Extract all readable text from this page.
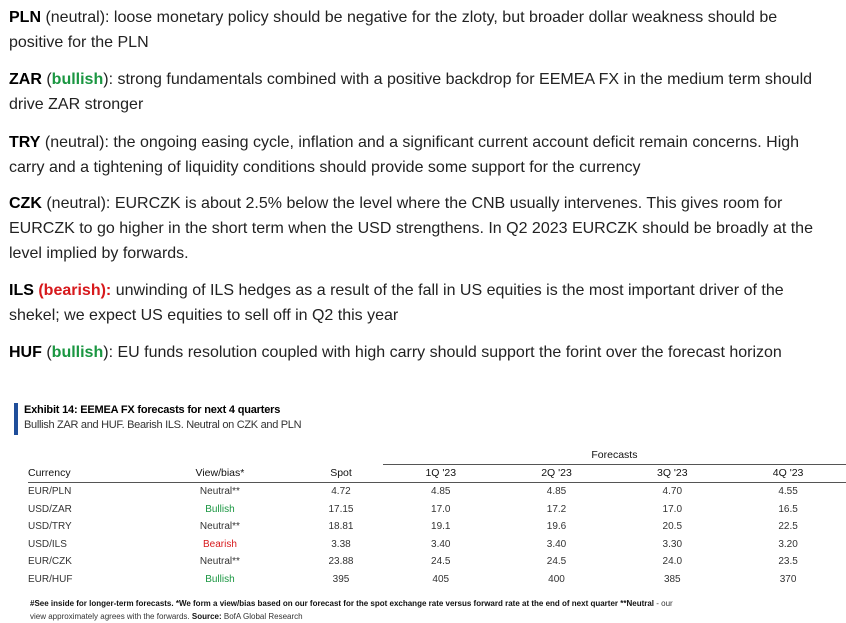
PLN (neutral): loose monetary policy should be negative for the zloty, but broader dollar weakness should be positive for the PLN
ZAR (bullish): strong fundamentals combined with a positive backdrop for EEMEA FX in the medium term should drive ZAR stronger
TRY (neutral): the ongoing easing cycle, inflation and a significant current account deficit remain concerns. High carry and a tightening of liquidity conditions should provide some support for the currency
CZK (neutral): EURCZK is about 2.5% below the level where the CNB usually intervenes. This gives room for EURCZK to go higher in the short term when the USD strengthens. In Q2 2023 EURCZK should be broadly at the level implied by forwards.
ILS (bearish): unwinding of ILS hedges as a result of the fall in US equities is the most important driver of the shekel; we expect US equities to sell off in Q2 this year
HUF (bullish): EU funds resolution coupled with high carry should support the forint over the forecast horizon
Exhibit 14: EEMEA FX forecasts for next 4 quarters
Bullish ZAR and HUF. Bearish ILS. Neutral on CZK and PLN
			Forecasts			
Currency	View/bias*	Spot	1Q '23	2Q '23	3Q '23	4Q '23
EUR/PLN	Neutral**	4.72	4.85	4.85	4.70	4.55
USD/ZAR	Bullish	17.15	17.0	17.2	17.0	16.5
USD/TRY	Neutral**	18.81	19.1	19.6	20.5	22.5
USD/ILS	Bearish	3.38	3.40	3.40	3.30	3.20
EUR/CZK	Neutral**	23.88	24.5	24.5	24.0	23.5
EUR/HUF	Bullish	395	405	400	385	370
#See inside for longer-term forecasts. *We form a view/bias based on our forecast for the spot exchange rate versus forward rate at the end of next quarter **Neutral - our view approximately agrees with the forwards. Source: BofA Global Research
